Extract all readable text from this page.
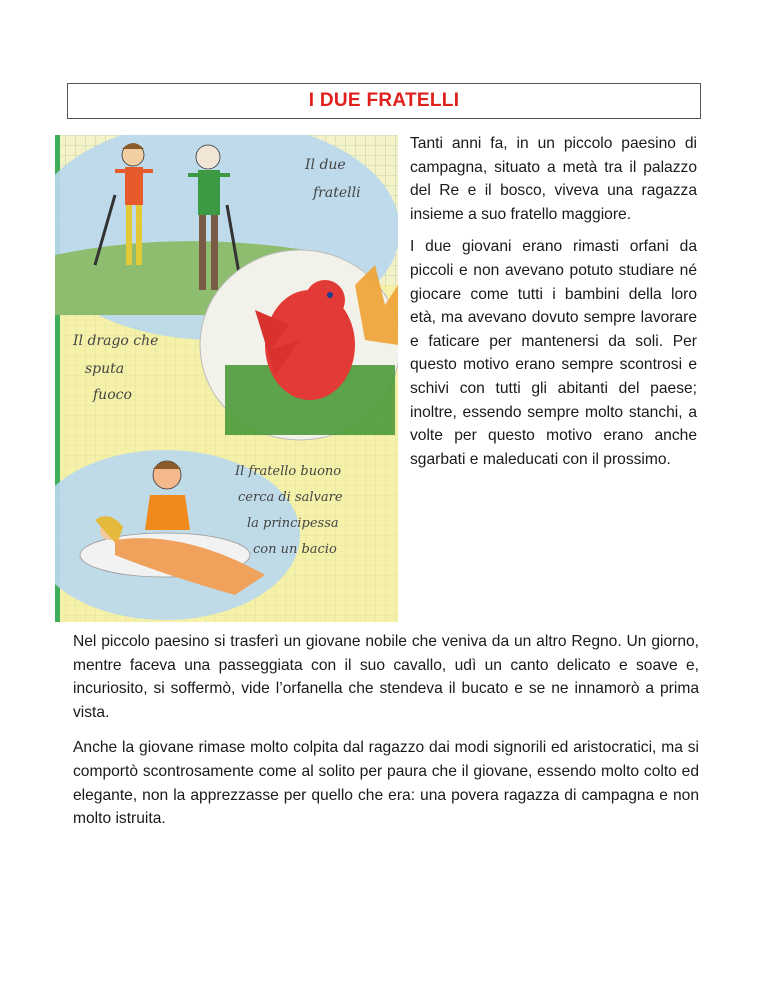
I DUE FRATELLI
Il due
fratelli
Il drago che
sputa
fuoco
Il fratello buono
cerca di salvare
la principessa
con un bacio

Tanti anni fa, in un piccolo paesino di campagna, situato a metà tra il palazzo del Re e il bosco, viveva una ragazza insieme a suo fratello maggiore.

I due giovani erano rimasti orfani da piccoli e non avevano potuto studiare né giocare come tutti i bambini della loro età, ma avevano dovuto sempre lavorare e faticare per mantenersi da soli. Per questo motivo erano sempre scontrosi e schivi con tutti gli abitanti del paese; inoltre, essendo sempre molto stanchi, a volte per questo motivo erano anche sgarbati e maleducati con il prossimo.

Nel piccolo paesino si trasferì un giovane nobile che veniva da un altro Regno. Un giorno, mentre faceva una passeggiata con il suo cavallo, udì un canto delicato e soave e, incuriosito, si soffermò, vide l’orfanella che stendeva il bucato e se ne innamorò a prima vista.

Anche la giovane rimase molto colpita dal ragazzo dai modi signorili ed aristocratici, ma si comportò scontrosamente come al solito per paura che il giovane, essendo molto colto ed elegante, non la apprezzasse per quello che era: una povera ragazza di campagna e non molto istruita.
